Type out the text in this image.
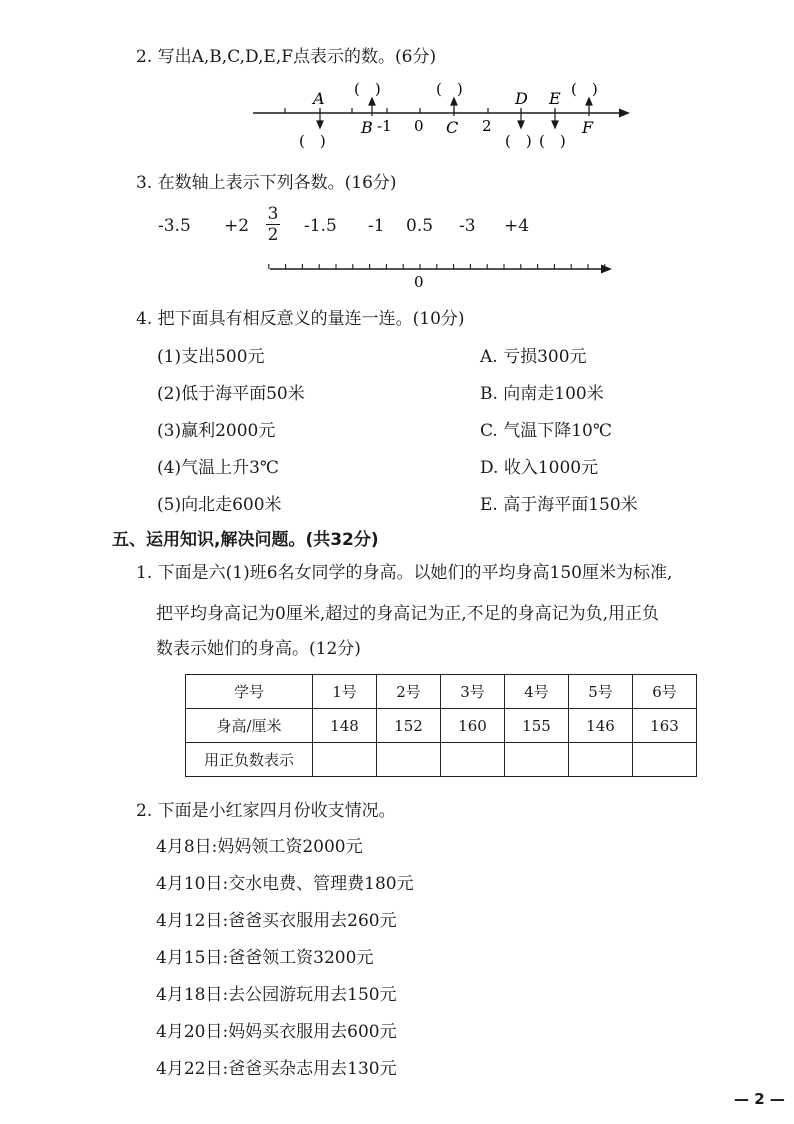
2. 写出A,B,C,D,E,F点表示的数。(6分)
A	D E
B	C	F
-1 0	2
(　)	(　)	(　)
(　)	(　) (　)
3. 在数轴上表示下列各数。(16分)
$-3.5 +2 \frac{3}{2} -1.5$ -1 0.5 -3 +4
0
4. 把下面具有相反意义的量连一连。(10分)
(1)支出500元
(2)低于海平面50米
(3)赢利2000元
(4)气温上升3℃
(5)向北走600米
A. 亏损300元
B. 向南走100米
C. 气温下降10℃
D. 收入1000元
E. 高于海平面150米
五、运用知识,解决问题。(共32分)
1. 下面是六(1)班6名女同学的身高。以她们的平均身高150厘米为标准,
把平均身高记为0厘米,超过的身高记为正,不足的身高记为负,用正负
数表示她们的身高。(12分)
学号	1号	2号	3号	4号	5号	6号
身高/厘米	148	152	160	155	146	163
用正负数表示						
2. 下面是小红家四月份收支情况。
4月8日:妈妈领工资2000元
4月10日:交水电费、管理费180元
4月12日:爸爸买衣服用去260元
4月15日:爸爸领工资3200元
4月18日:去公园游玩用去150元
4月20日:妈妈买衣服用去600元
4月22日:爸爸买杂志用去130元
— 2 —
